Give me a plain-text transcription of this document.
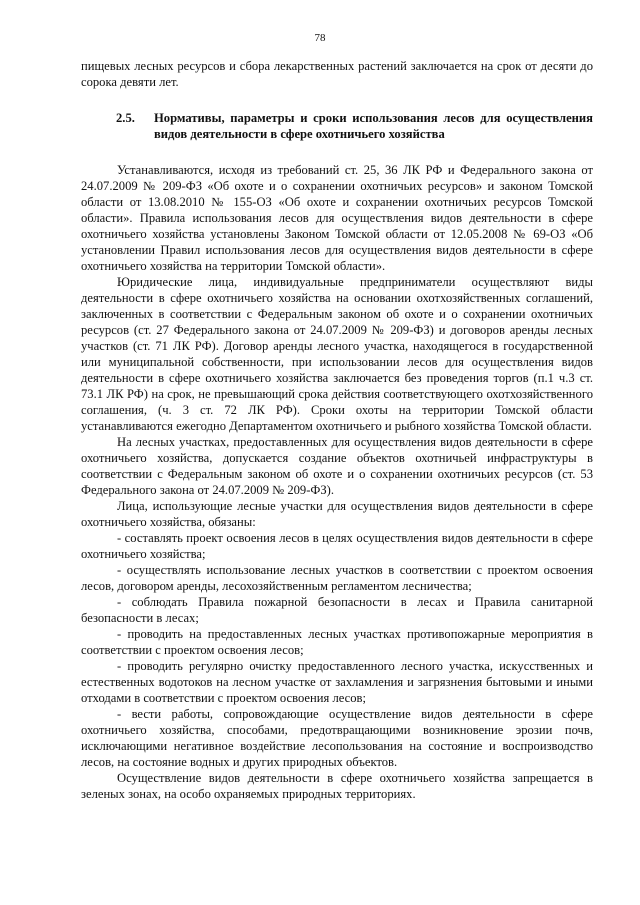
78

пищевых лесных ресурсов и сбора лекарственных растений заключается на срок от десяти до сорока девяти лет.

2.5.	Нормативы, параметры и сроки использования лесов для осуществления видов деятельности в сфере охотничьего хозяйства

Устанавливаются, исходя из требований ст. 25, 36 ЛК РФ и Федерального закона от 24.07.2009 № 209-ФЗ «Об охоте и о сохранении охотничьих ресурсов» и законом Томской области от 13.08.2010 № 155-ОЗ «Об охоте и сохранении охотничьих ресурсов Томской области». Правила использования лесов для осуществления видов деятельности в сфере охотничьего хозяйства установлены Законом Томской области от 12.05.2008 № 69-ОЗ «Об установлении Правил использования лесов для осуществления видов деятельности в сфере охотничьего хозяйства на территории Томской области».

Юридические лица, индивидуальные предприниматели осуществляют виды деятельности в сфере охотничьего хозяйства на основании охотхозяйственных соглашений, заключенных в соответствии с Федеральным законом об охоте и о сохранении охотничьих ресурсов (ст. 27 Федерального закона от 24.07.2009 № 209-ФЗ) и договоров аренды лесных участков (ст. 71 ЛК РФ). Договор аренды лесного участка, находящегося в государственной или муниципальной собственности, при использовании лесов для осуществления видов деятельности в сфере охотничьего хозяйства заключается без проведения торгов (п.1 ч.3 ст. 73.1 ЛК РФ) на срок, не превышающий срока действия соответствующего охотхозяйственного соглашения, (ч. 3 ст. 72 ЛК РФ). Сроки охоты на территории Томской области устанавливаются ежегодно Департаментом охотничьего и рыбного хозяйства Томской области.

На лесных участках, предоставленных для осуществления видов деятельности в сфере охотничьего хозяйства, допускается создание объектов охотничьей инфраструктуры в соответствии с Федеральным законом об охоте и о сохранении охотничьих ресурсов (ст. 53 Федерального закона от 24.07.2009 № 209-ФЗ).

Лица, использующие лесные участки для осуществления видов деятельности в сфере охотничьего хозяйства, обязаны:

- составлять проект освоения лесов в целях осуществления видов деятельности в сфере охотничьего хозяйства;

- осуществлять использование лесных участков в соответствии с проектом освоения лесов, договором аренды, лесохозяйственным регламентом лесничества;

- соблюдать Правила пожарной безопасности в лесах и Правила санитарной безопасности в лесах;

- проводить на предоставленных лесных участках противопожарные мероприятия в соответствии с проектом освоения лесов;

- проводить регулярно очистку предоставленного лесного участка, искусственных и естественных водотоков на лесном участке от захламления и загрязнения бытовыми и иными отходами в соответствии с проектом освоения лесов;

- вести работы, сопровождающие осуществление видов деятельности в сфере охотничьего хозяйства, способами, предотвращающими возникновение эрозии почв, исключающими негативное воздействие лесопользования на состояние и воспроизводство лесов, на состояние водных и других природных объектов.

Осуществление видов деятельности в сфере охотничьего хозяйства запрещается в зеленых зонах, на особо охраняемых природных территориях.
